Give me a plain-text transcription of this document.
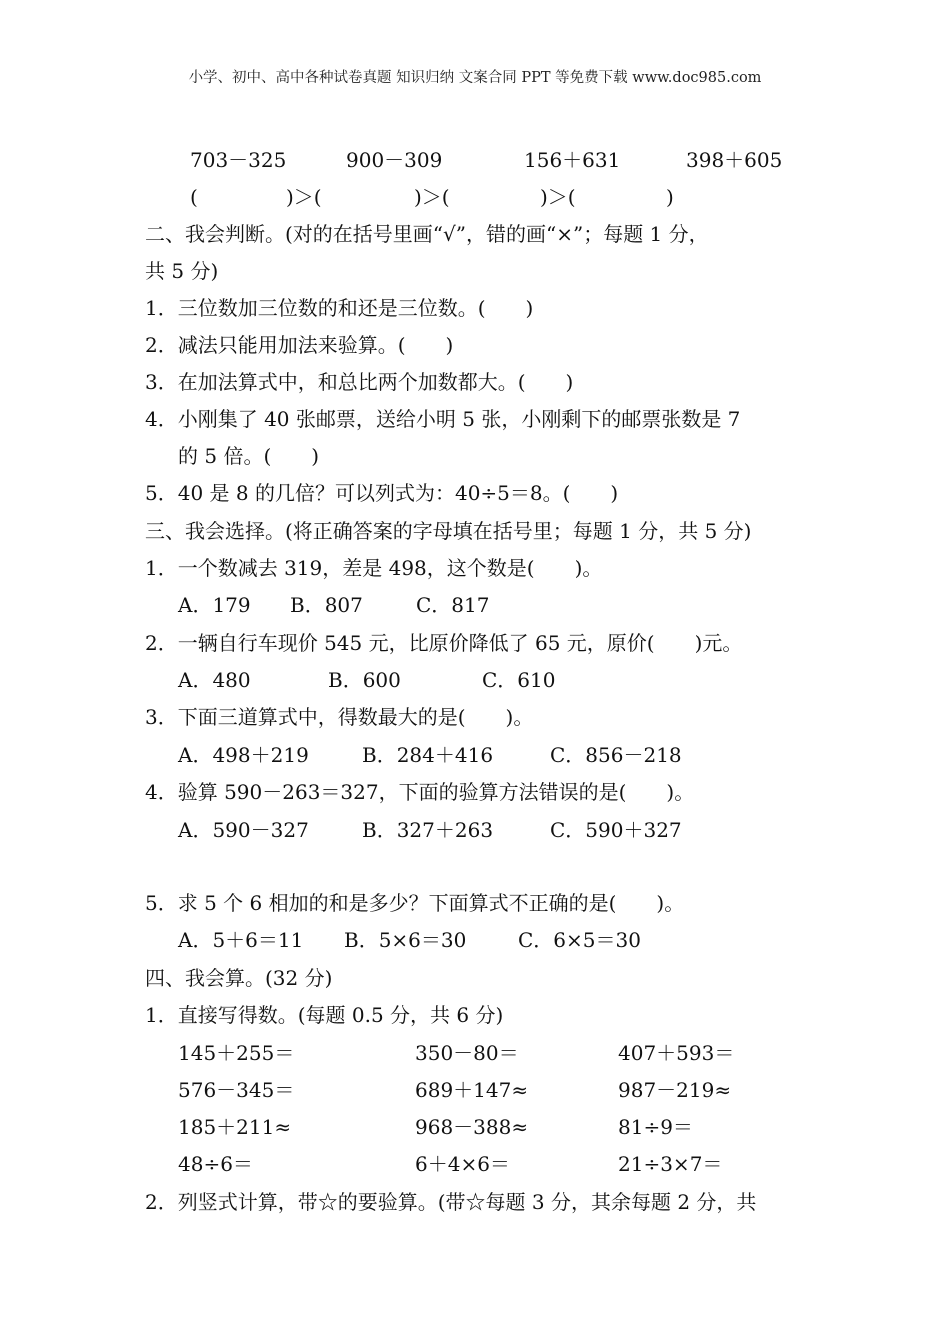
小学、初中、高中各种试卷真题 知识归纳 文案合同 PPT 等免费下载 www.doc985.com
703－325	900－309	156＋631	398＋605
(	)＞(	)＞(	)＞(	)
二、我会判断。(对的在括号里画“√”，错的画“×”；每题 1 分，
共 5 分)
1．三位数加三位数的和还是三位数。(　　)
2．减法只能用加法来验算。(　　)
3．在加法算式中，和总比两个加数都大。(　　)
4．小刚集了 40 张邮票，送给小明 5 张，小刚剩下的邮票张数是 7
的 5 倍。(　　)
5．40 是 8 的几倍？可以列式为：40÷5＝8。(　　)
三、我会选择。(将正确答案的字母填在括号里；每题 1 分，共 5 分)
1．一个数减去 319，差是 498，这个数是(　　)。
A．179 B．807	C．817
2．一辆自行车现价 545 元，比原价降低了 65 元，原价(　　)元。
A．480	B．600	C．610
3．下面三道算式中，得数最大的是(　　)。
A．498＋219	B．284＋416	C．856－218
4．验算 590－263＝327，下面的验算方法错误的是(　　)。
A．590－327	B．327＋263	C．590＋327
5．求 5 个 6 相加的和是多少？下面算式不正确的是(　　)。
A．5＋6＝11 B．5×6＝30	C．6×5＝30
四、我会算。(32 分)
1．直接写得数。(每题 0.5 分，共 6 分)
145＋255＝	350－80＝	407＋593＝
576－345＝	689＋147≈	987－219≈
185＋211≈	968－388≈	81÷9＝
48÷6＝	6＋4×6＝	21÷3×7＝
2．列竖式计算，带☆的要验算。(带☆每题 3 分，其余每题 2 分，共
